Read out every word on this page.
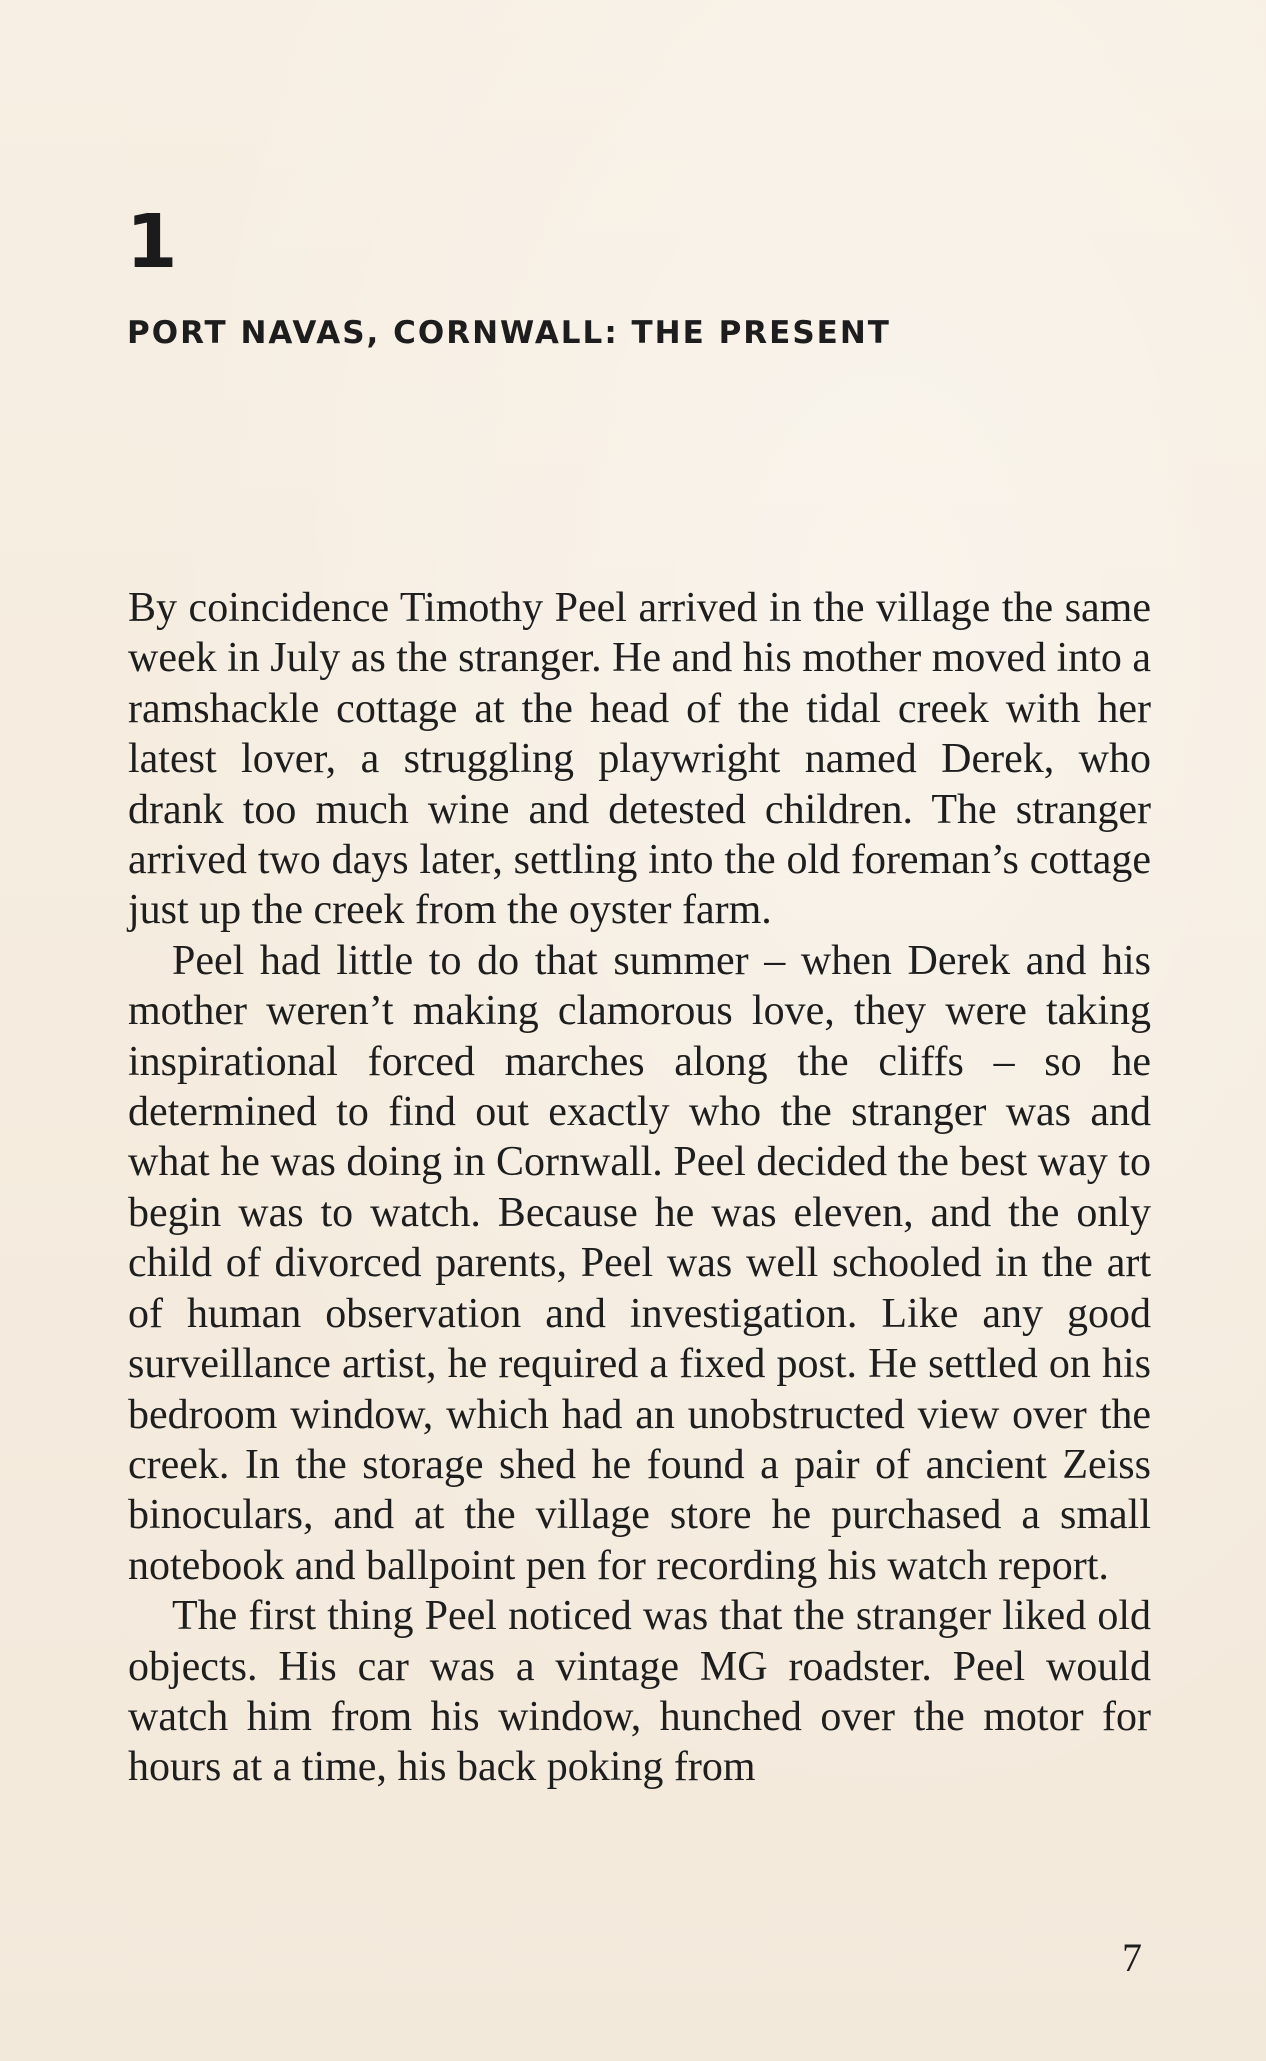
1
PORT NAVAS, CORNWALL: THE PRESENT

By coincidence Timothy Peel arrived in the village the same week in July as the stranger. He and his mother moved into a ramshackle cottage at the head of the tidal creek with her latest lover, a struggling playwright named Derek, who drank too much wine and detested children. The stranger arrived two days later, settling into the old foreman’s cottage just up the creek from the oyster farm.

Peel had little to do that summer – when Derek and his mother weren’t making clamorous love, they were taking inspirational forced marches along the cliffs – so he determined to find out exactly who the stranger was and what he was doing in Cornwall. Peel decided the best way to begin was to watch. Because he was eleven, and the only child of divorced parents, Peel was well schooled in the art of human observation and investigation. Like any good surveillance artist, he required a fixed post. He settled on his bedroom window, which had an unobstructed view over the creek. In the storage shed he found a pair of ancient Zeiss binoculars, and at the village store he purchased a small notebook and ballpoint pen for recording his watch report.

The first thing Peel noticed was that the stranger liked old objects. His car was a vintage MG roadster. Peel would watch him from his window, hunched over the motor for hours at a time, his back poking from

7
